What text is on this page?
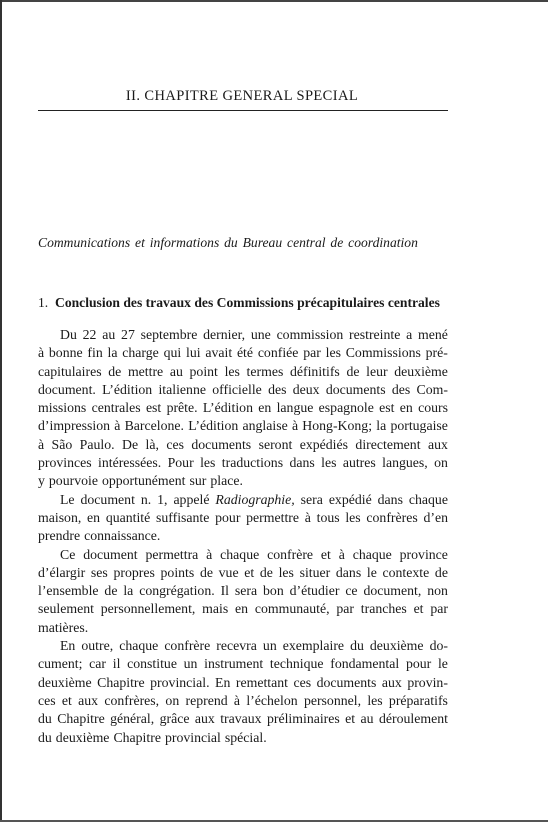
II. CHAPITRE GENERAL SPECIAL
Communications et informations du Bureau central de coordination
1. Conclusion des travaux des Commissions précapitulaires centrales
Du 22 au 27 septembre dernier, une commission restreinte a mené
à bonne fin la charge qui lui avait été confiée par les Commissions pré-
capitulaires de mettre au point les termes définitifs de leur deuxième
document. L’édition italienne officielle des deux documents des Com-
missions centrales est prête. L’édition en langue espagnole est en cours
d’impression à Barcelone. L’édition anglaise à Hong-Kong; la portugaise
à São Paulo. De là, ces documents seront expédiés directement aux
provinces intéressées. Pour les traductions dans les autres langues, on
y pourvoie opportunément sur place.
Le document n. 1, appelé Radiographie, sera expédié dans chaque
maison, en quantité suffisante pour permettre à tous les confrères d’en
prendre connaissance.
Ce document permettra à chaque confrère et à chaque province
d’élargir ses propres points de vue et de les situer dans le contexte de
l’ensemble de la congrégation. Il sera bon d’étudier ce document, non
seulement personnellement, mais en communauté, par tranches et par
matières.
En outre, chaque confrère recevra un exemplaire du deuxième do-
cument; car il constitue un instrument technique fondamental pour le
deuxième Chapitre provincial. En remettant ces documents aux provin-
ces et aux confrères, on reprend à l’échelon personnel, les préparatifs
du Chapitre général, grâce aux travaux préliminaires et au déroulement
du deuxième Chapitre provincial spécial.
